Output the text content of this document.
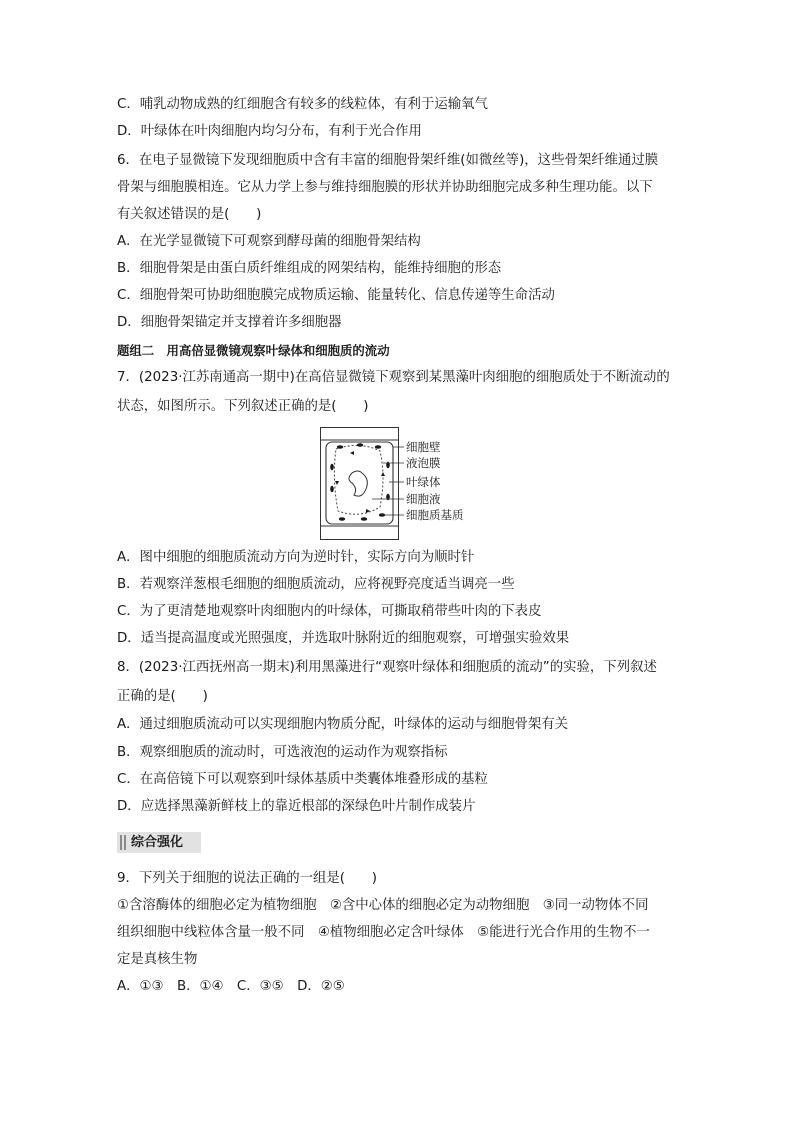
C．哺乳动物成熟的红细胞含有较多的线粒体，有利于运输氧气
D．叶绿体在叶肉细胞内均匀分布，有利于光合作用
6．在电子显微镜下发现细胞质中含有丰富的细胞骨架纤维(如微丝等)，这些骨架纤维通过膜
骨架与细胞膜相连。它从力学上参与维持细胞膜的形状并协助细胞完成多种生理功能。以下
有关叙述错误的是(　　)
A．在光学显微镜下可观察到酵母菌的细胞骨架结构
B．细胞骨架是由蛋白质纤维组成的网架结构，能维持细胞的形态
C．细胞骨架可协助细胞膜完成物质运输、能量转化、信息传递等生命活动
D．细胞骨架锚定并支撑着许多细胞器
题组二　用高倍显微镜观察叶绿体和细胞质的流动
7．(2023·江苏南通高一期中)在高倍显微镜下观察到某黑藻叶肉细胞的细胞质处于不断流动的
状态，如图所示。下列叙述正确的是(　　)
细胞壁
液泡膜
叶绿体
细胞液
细胞质基质
A．图中细胞的细胞质流动方向为逆时针，实际方向为顺时针
B．若观察洋葱根毛细胞的细胞质流动，应将视野亮度适当调亮一些
C．为了更清楚地观察叶肉细胞内的叶绿体，可撕取稍带些叶肉的下表皮
D．适当提高温度或光照强度，并选取叶脉附近的细胞观察，可增强实验效果
8．(2023·江西抚州高一期末)利用黑藻进行“观察叶绿体和细胞质的流动”的实验，下列叙述
正确的是(　　)
A．通过细胞质流动可以实现细胞内物质分配，叶绿体的运动与细胞骨架有关
B．观察细胞质的流动时，可选液泡的运动作为观察指标
C．在高倍镜下可以观察到叶绿体基质中类囊体堆叠形成的基粒
D．应选择黑藻新鲜枝上的靠近根部的深绿色叶片制作成装片
综合强化
9．下列关于细胞的说法正确的一组是(　　)
①含溶酶体的细胞必定为植物细胞　②含中心体的细胞必定为动物细胞　③同一动物体不同
组织细胞中线粒体含量一般不同　④植物细胞必定含叶绿体　⑤能进行光合作用的生物不一
定是真核生物
A．①③　B．①④　C．③⑤　D．②⑤
